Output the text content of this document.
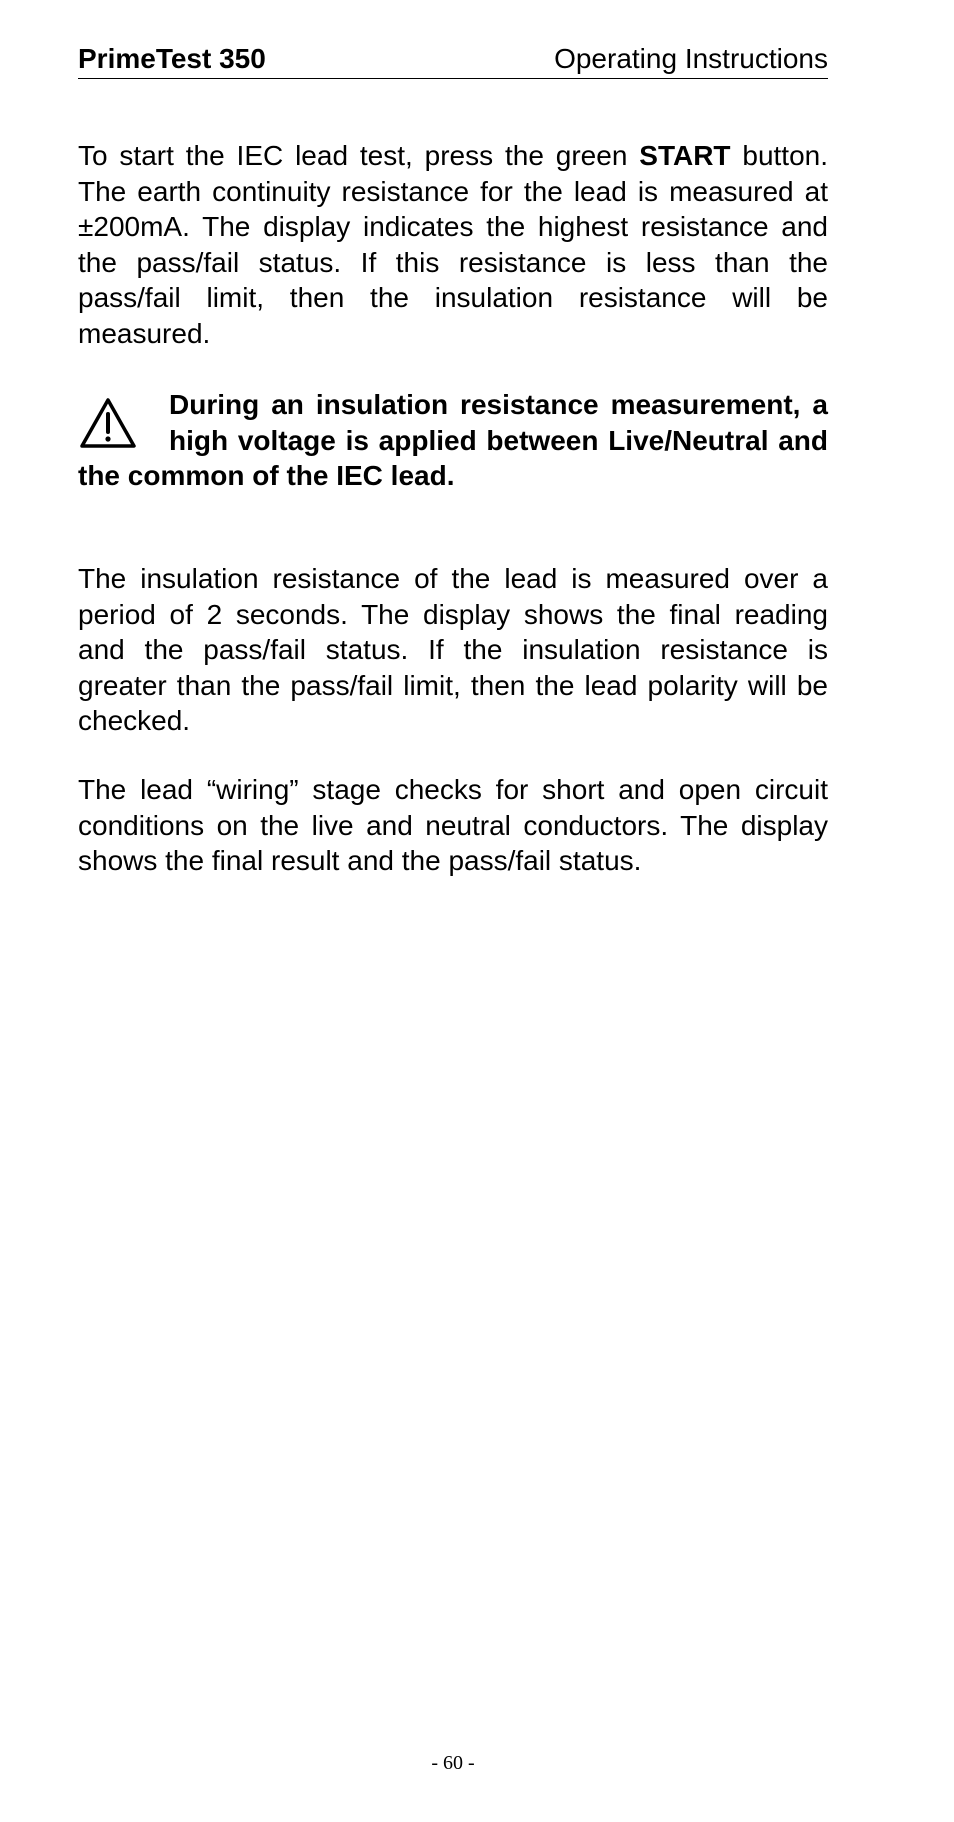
PrimeTest 350	Operating Instructions

To start the IEC lead test, press the green START button. The earth continuity resistance for the lead is measured at ±200mA. The display indicates the highest resistance and the pass/fail status. If this resistance is less than the pass/fail limit, then the insulation resistance will be measured.

During an insulation resistance measurement, a high voltage is applied between Live/Neutral and the common of the IEC lead.

The insulation resistance of the lead is measured over a period of 2 seconds. The display shows the final reading and the pass/fail status. If the insulation resistance is greater than the pass/fail limit, then the lead polarity will be checked.

The lead “wiring” stage checks for short and open circuit conditions on the live and neutral conductors. The display shows the final result and the pass/fail status.

- 60 -
